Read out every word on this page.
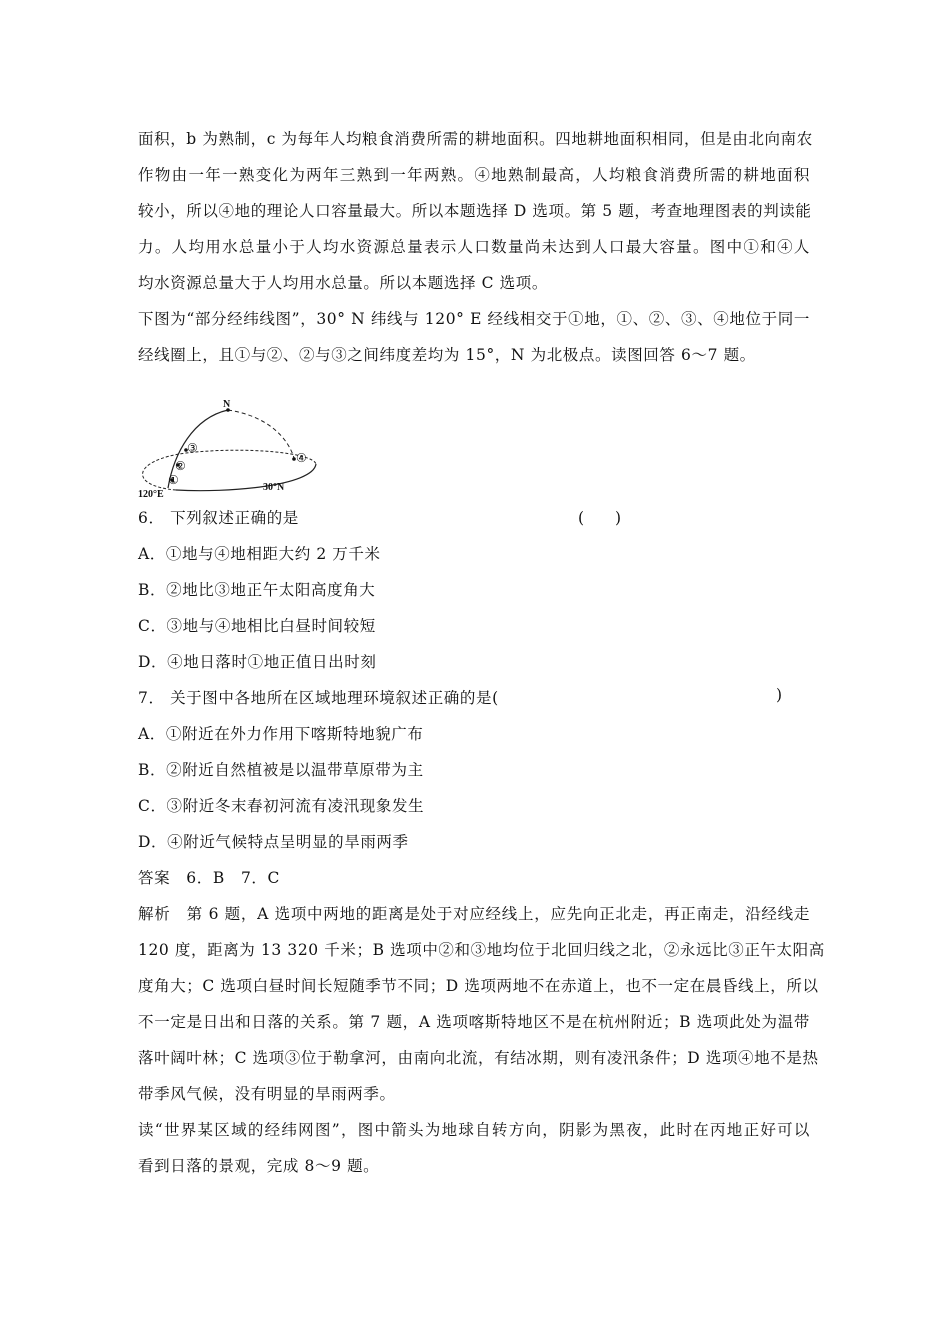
面积，b 为熟制，c 为每年人均粮食消费所需的耕地面积。四地耕地面积相同，但是由北向南农
作物由一年一熟变化为两年三熟到一年两熟。④地熟制最高，人均粮食消费所需的耕地面积
较小，所以④地的理论人口容量最大。所以本题选择 D 选项。第 5 题，考查地理图表的判读能
力。人均用水总量小于人均水资源总量表示人口数量尚未达到人口最大容量。图中①和④人
均水资源总量大于人均用水总量。所以本题选择 C 选项。
下图为“部分经纬线图”，30° N 纬线与 120° E 经线相交于①地，①、②、③、④地位于同一
经线圈上，且①与②、②与③之间纬度差均为 15°，N 为北极点。读图回答 6～7 题。
N
①
②
③
④
120°E
30°N
6． 下列叙述正确的是	(　　)
A．①地与④地相距大约 2 万千米
B．②地比③地正午太阳高度角大
C．③地与④地相比白昼时间较短
D．④地日落时①地正值日出时刻
7． 关于图中各地所在区域地理环境叙述正确的是(	)
A．①附近在外力作用下喀斯特地貌广布
B．②附近自然植被是以温带草原带为主
C．③附近冬末春初河流有凌汛现象发生
D．④附近气候特点呈明显的旱雨两季
答案　6．B　7．C
解析　第 6 题，A 选项中两地的距离是处于对应经线上，应先向正北走，再正南走，沿经线走
120 度，距离为 13 320 千米；B 选项中②和③地均位于北回归线之北，②永远比③正午太阳高
度角大；C 选项白昼时间长短随季节不同；D 选项两地不在赤道上，也不一定在晨昏线上，所以
不一定是日出和日落的关系。第 7 题，A 选项喀斯特地区不是在杭州附近；B 选项此处为温带
落叶阔叶林；C 选项③位于勒拿河，由南向北流，有结冰期，则有凌汛条件；D 选项④地不是热
带季风气候，没有明显的旱雨两季。
读“世界某区域的经纬网图”，图中箭头为地球自转方向，阴影为黑夜，此时在丙地正好可以
看到日落的景观，完成 8～9 题。
